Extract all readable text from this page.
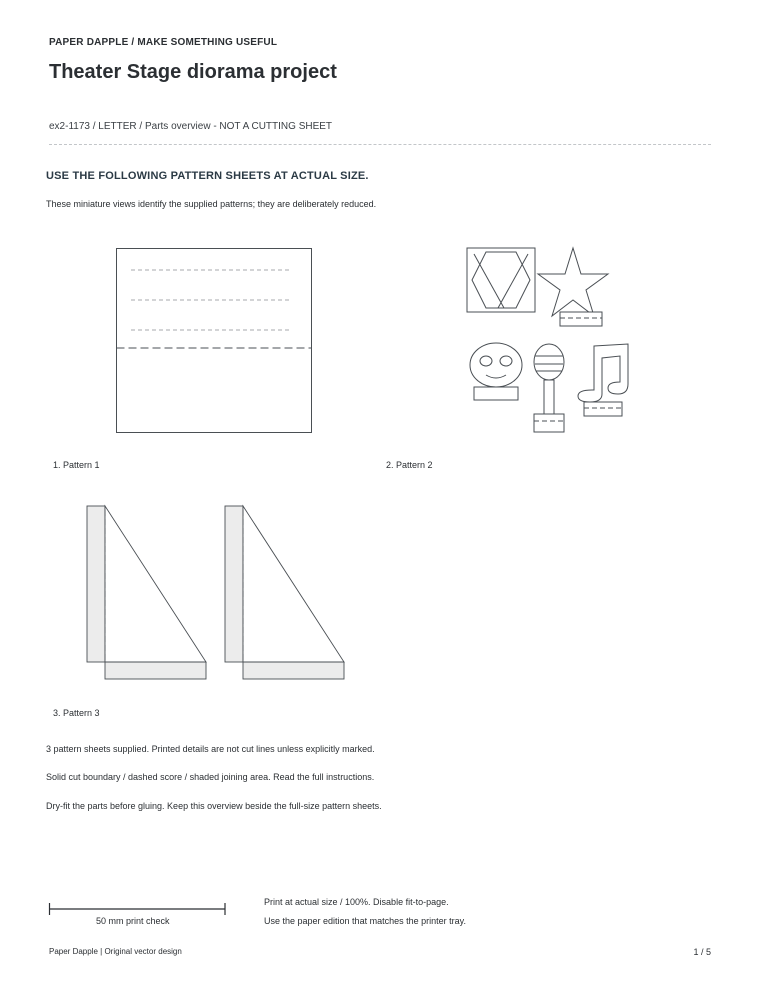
PAPER DAPPLE / MAKE SOMETHING USEFUL
Theater Stage diorama project
ex2-1173 / LETTER / Parts overview - NOT A CUTTING SHEET
USE THE FOLLOWING PATTERN SHEETS AT ACTUAL SIZE.
These miniature views identify the supplied patterns; they are deliberately reduced.
1. Pattern 1	2. Pattern 2
3. Pattern 3
3 pattern sheets supplied. Printed details are not cut lines unless explicitly marked.
Solid cut boundary / dashed score / shaded joining area. Read the full instructions.
Dry-fit the parts before gluing. Keep this overview beside the full-size pattern sheets.
50 mm print check
Print at actual size / 100%. Disable fit-to-page.
Use the paper edition that matches the printer tray.
Paper Dapple | Original vector design	1 / 5
